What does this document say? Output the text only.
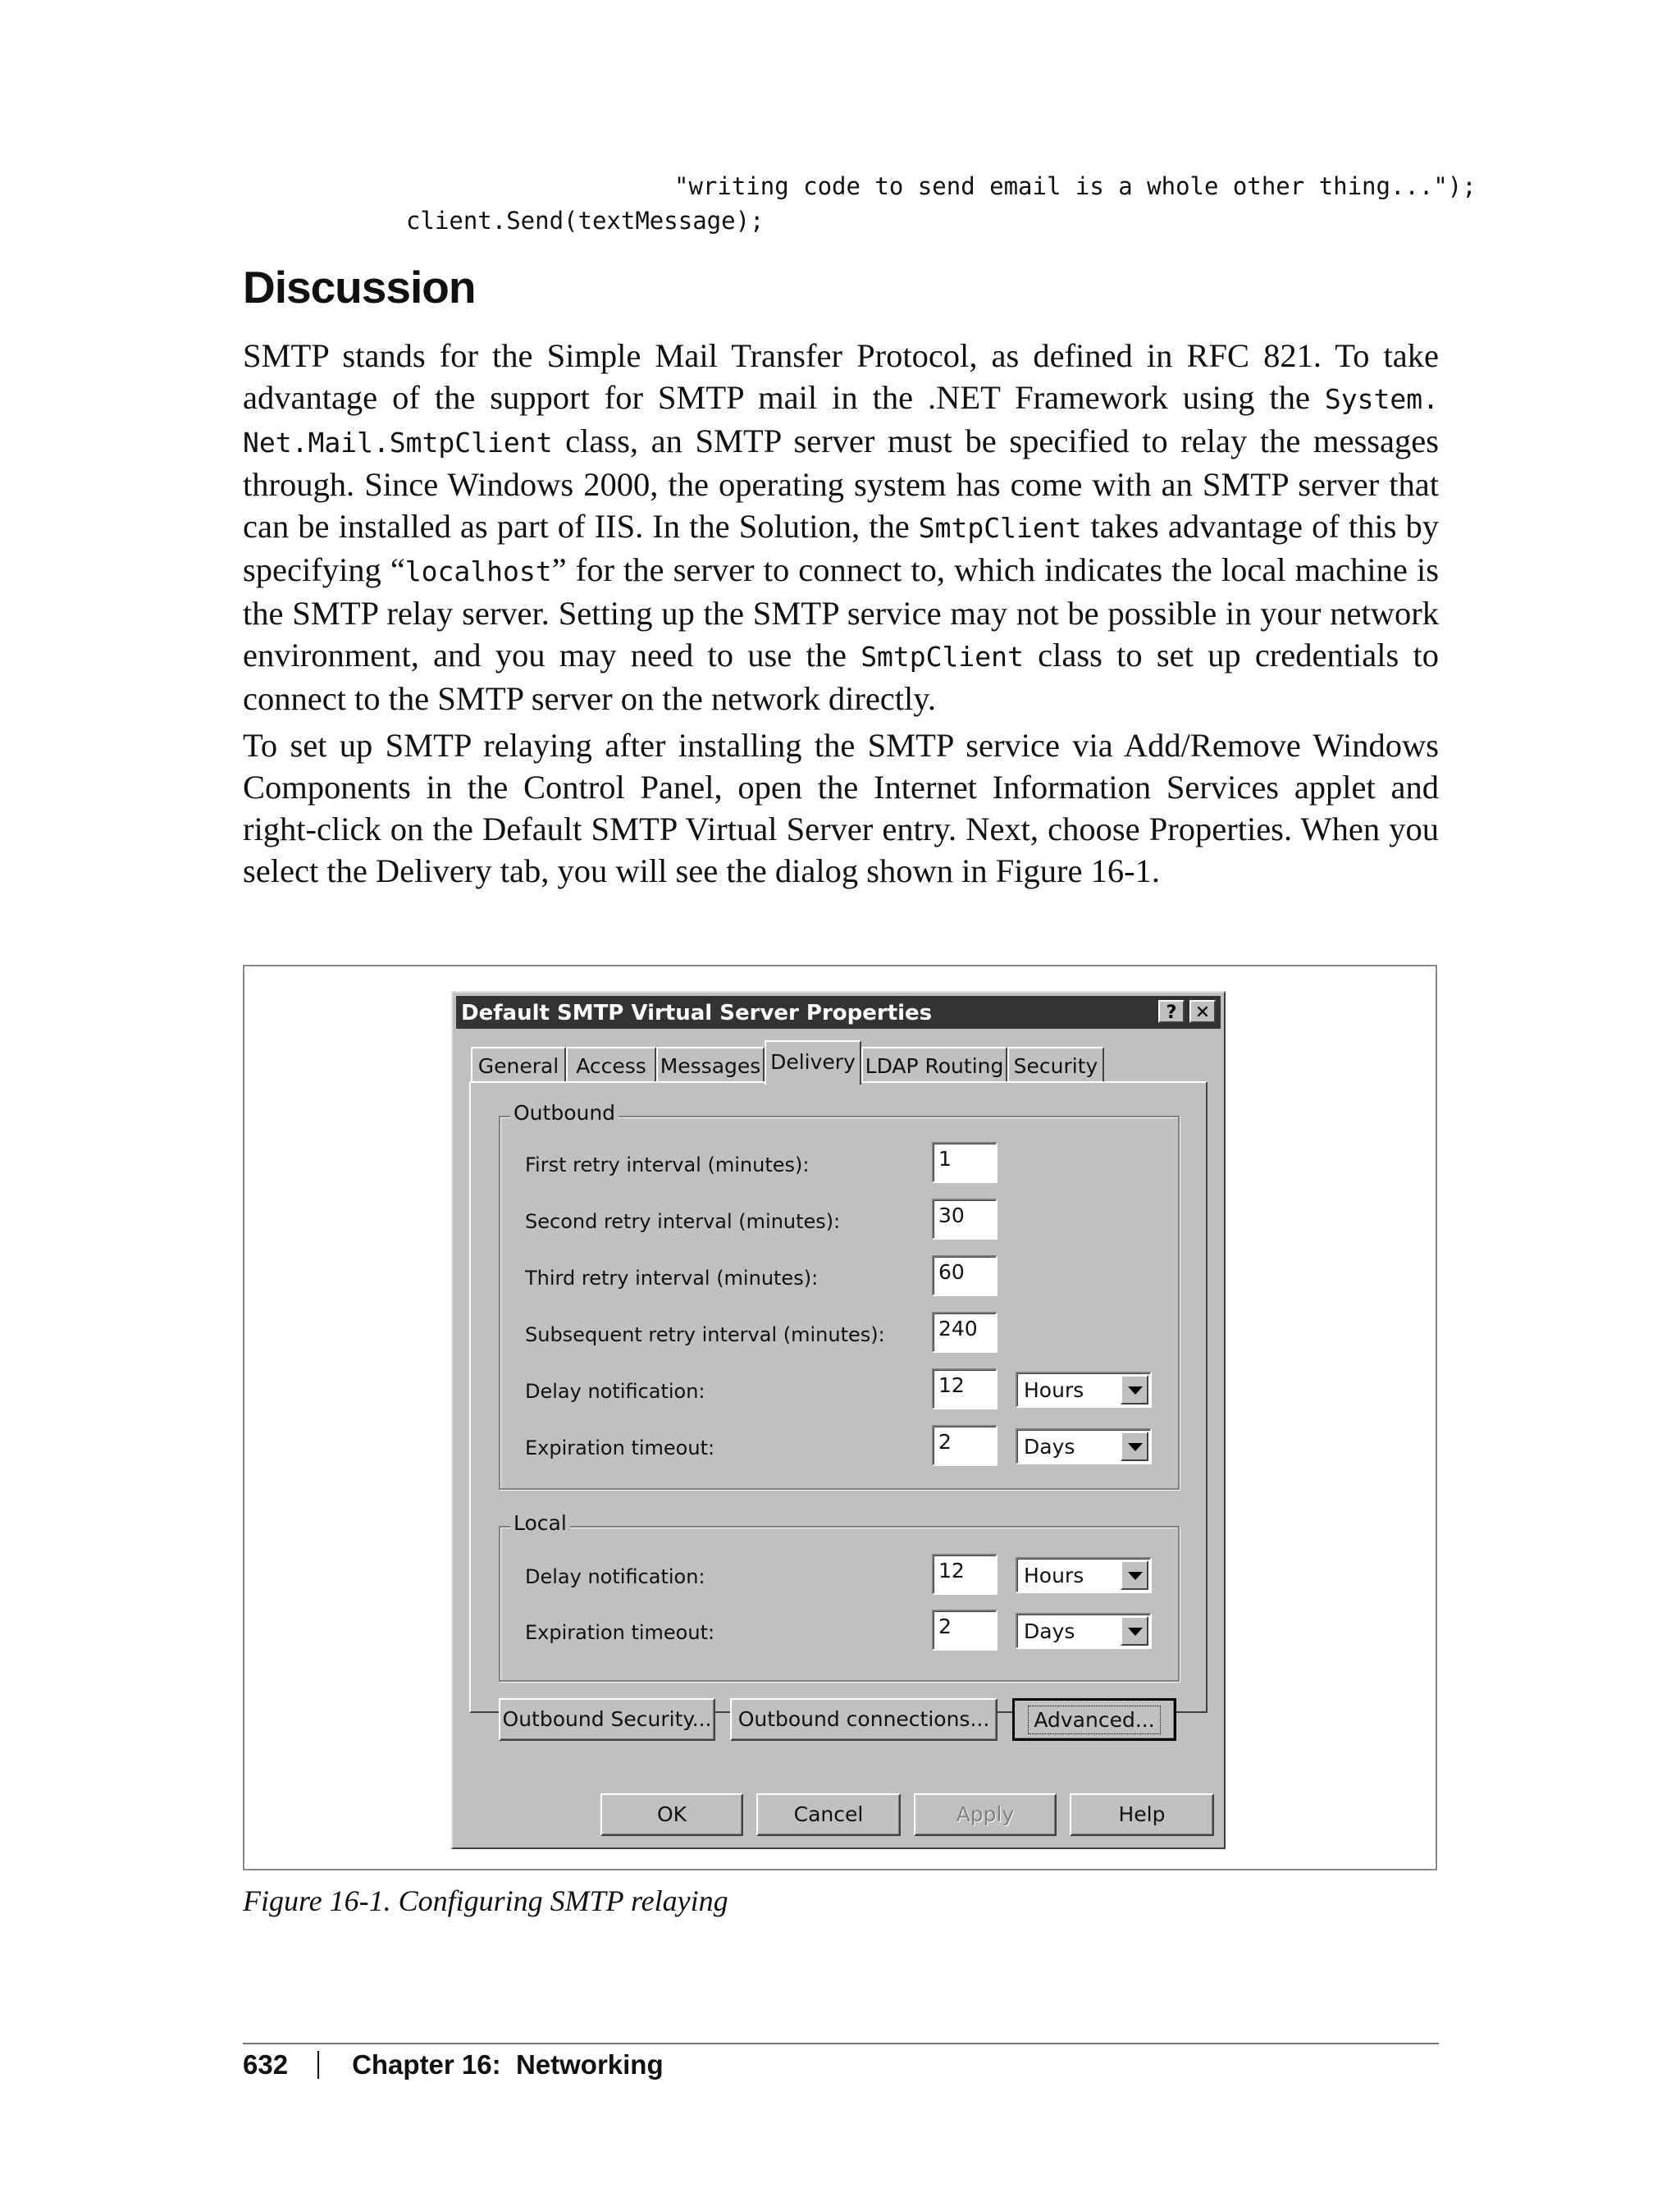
"writing code to send email is a whole other thing...");
client.Send(textMessage);
Discussion
SMTP stands for the Simple Mail Transfer Protocol, as defined in RFC 821. To take advantage of the support for SMTP mail in the .NET Framework using the System. Net.Mail.SmtpClient class, an SMTP server must be specified to relay the messages through. Since Windows 2000, the operating system has come with an SMTP server that can be installed as part of IIS. In the Solution, the SmtpClient takes advantage of this by specifying “localhost” for the server to connect to, which indicates the local machine is the SMTP relay server. Setting up the SMTP service may not be possible in your network environment, and you may need to use the SmtpClient class to set up credentials to connect to the SMTP server on the network directly.
To set up SMTP relaying after installing the SMTP service via Add/Remove Windows Components in the Control Panel, open the Internet Information Services applet and right-click on the Default SMTP Virtual Server entry. Next, choose Properties. When you select the Delivery tab, you will see the dialog shown in Figure 16-1.
Default SMTP Virtual Server Properties	?	✕
General Access Messages Delivery LDAP Routing Security
Outbound
First retry interval (minutes):	1
Second retry interval (minutes):	30
Third retry interval (minutes):	60
Subsequent retry interval (minutes):	240
Delay notification:	12	Hours
Expiration timeout:	2	Days
Local
Delay notification:	12	Hours
Expiration timeout:	2	Days
Outbound Security...	Outbound connections...	Advanced...
OK	Cancel	Apply	Help
Figure 16-1. Configuring SMTP relaying
632 Chapter 16:  Networking
